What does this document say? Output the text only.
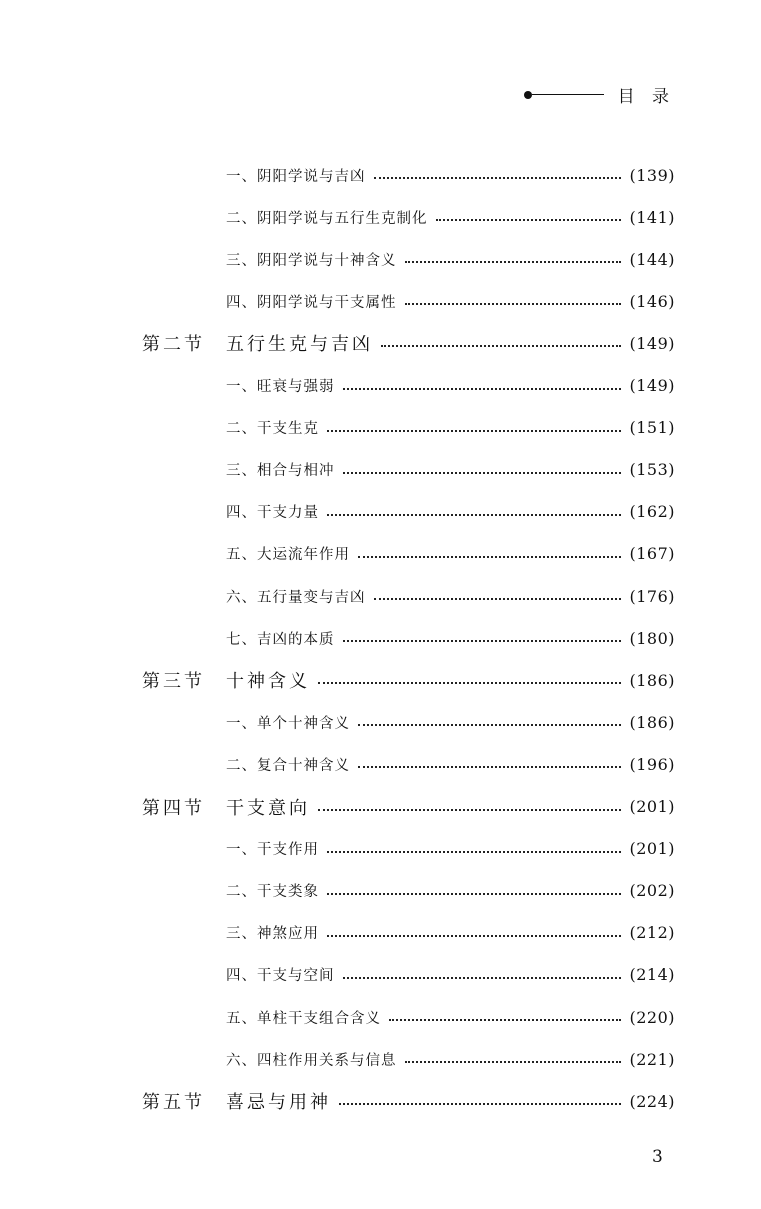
目 录
一、阴阳学说与吉凶	(139)
二、阴阳学说与五行生克制化	(141)
三、阴阳学说与十神含义	(144)
四、阴阳学说与干支属性	(146)
第二节 五行生克与吉凶	(149)
一、旺衰与强弱	(149)
二、干支生克	(151)
三、相合与相冲	(153)
四、干支力量	(162)
五、大运流年作用	(167)
六、五行量变与吉凶	(176)
七、吉凶的本质	(180)
第三节 十神含义	(186)
一、单个十神含义	(186)
二、复合十神含义	(196)
第四节 干支意向	(201)
一、干支作用	(201)
二、干支类象	(202)
三、神煞应用	(212)
四、干支与空间	(214)
五、单柱干支组合含义	(220)
六、四柱作用关系与信息	(221)
第五节 喜忌与用神	(224)
3
